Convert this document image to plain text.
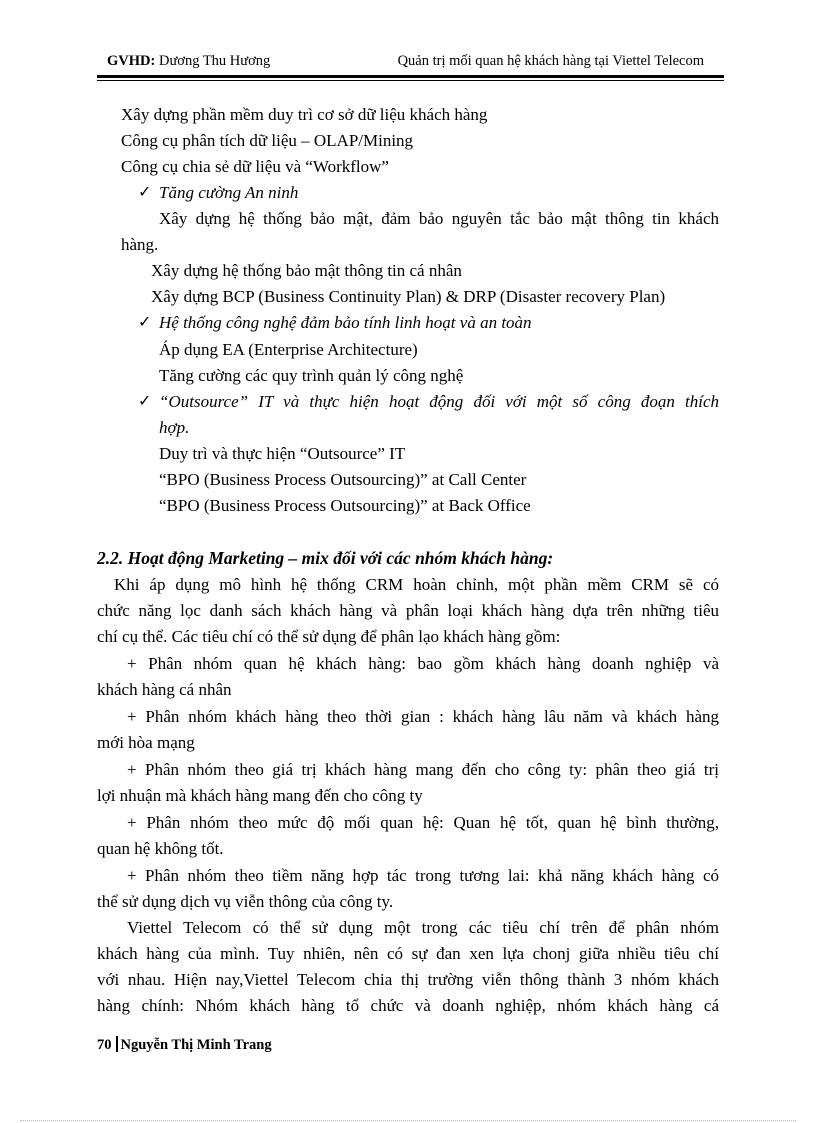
GVHD: Dương Thu Hương	Quản trị mối quan hệ khách hàng tại Viettel Telecom
Xây dựng phần mềm duy trì cơ sở dữ liệu khách hàng
Công cụ phân tích dữ liệu – OLAP/Mining
Công cụ chia sẻ dữ liệu và “Workflow”
✓ Tăng cường An ninh
Xây dựng hệ thống bảo mật, đảm bảo nguyên tắc bảo mật thông tin khách
hàng.
Xây dựng hệ thống bảo mật thông tin cá nhân
Xây dựng BCP (Business Continuity Plan) & DRP (Disaster recovery Plan)
✓ Hệ thống công nghệ đảm bảo tính linh hoạt và an toàn
Áp dụng EA (Enterprise Architecture)
Tăng cường các quy trình quản lý công nghệ
✓ “Outsource” IT và thực hiện hoạt động đối với một số công đoạn thích
hợp.
Duy trì và thực hiện “Outsource” IT
“BPO (Business Process Outsourcing)” at Call Center
“BPO (Business Process Outsourcing)” at Back Office
2.2. Hoạt động Marketing – mix đối với các nhóm khách hàng:
Khi áp dụng mô hình hệ thống CRM hoàn chỉnh, một phần mềm CRM sẽ có
chức năng lọc danh sách khách hàng và phân loại khách hàng dựa trên những tiêu
chí cụ thể. Các tiêu chí có thể sử dụng để phân lạo khách hàng gồm:
+ Phân nhóm quan hệ khách hàng: bao gồm khách hàng doanh nghiệp và
khách hàng cá nhân
+ Phân nhóm khách hàng theo thời gian : khách hàng lâu năm và khách hàng
mới hòa mạng
+ Phân nhóm theo giá trị khách hàng mang đến cho công ty: phân theo giá trị
lợi nhuận mà khách hàng mang đến cho công ty
+ Phân nhóm theo mức độ mối quan hệ: Quan hệ tốt, quan hệ bình thường,
quan hệ không tốt.
+ Phân nhóm theo tiềm năng hợp tác trong tương lai: khả năng khách hàng có
thể sử dụng dịch vụ viễn thông của công ty.
Viettel Telecom có thể sử dụng một trong các tiêu chí trên để phân nhóm
khách hàng của mình. Tuy nhiên, nên có sự đan xen lựa chonj giữa nhiều tiêu chí
với nhau. Hiện nay,Viettel Telecom chia thị trường viễn thông thành 3 nhóm khách
hàng chính: Nhóm khách hàng tổ chức và doanh nghiệp, nhóm khách hàng cá
70 Nguyễn Thị Minh Trang
